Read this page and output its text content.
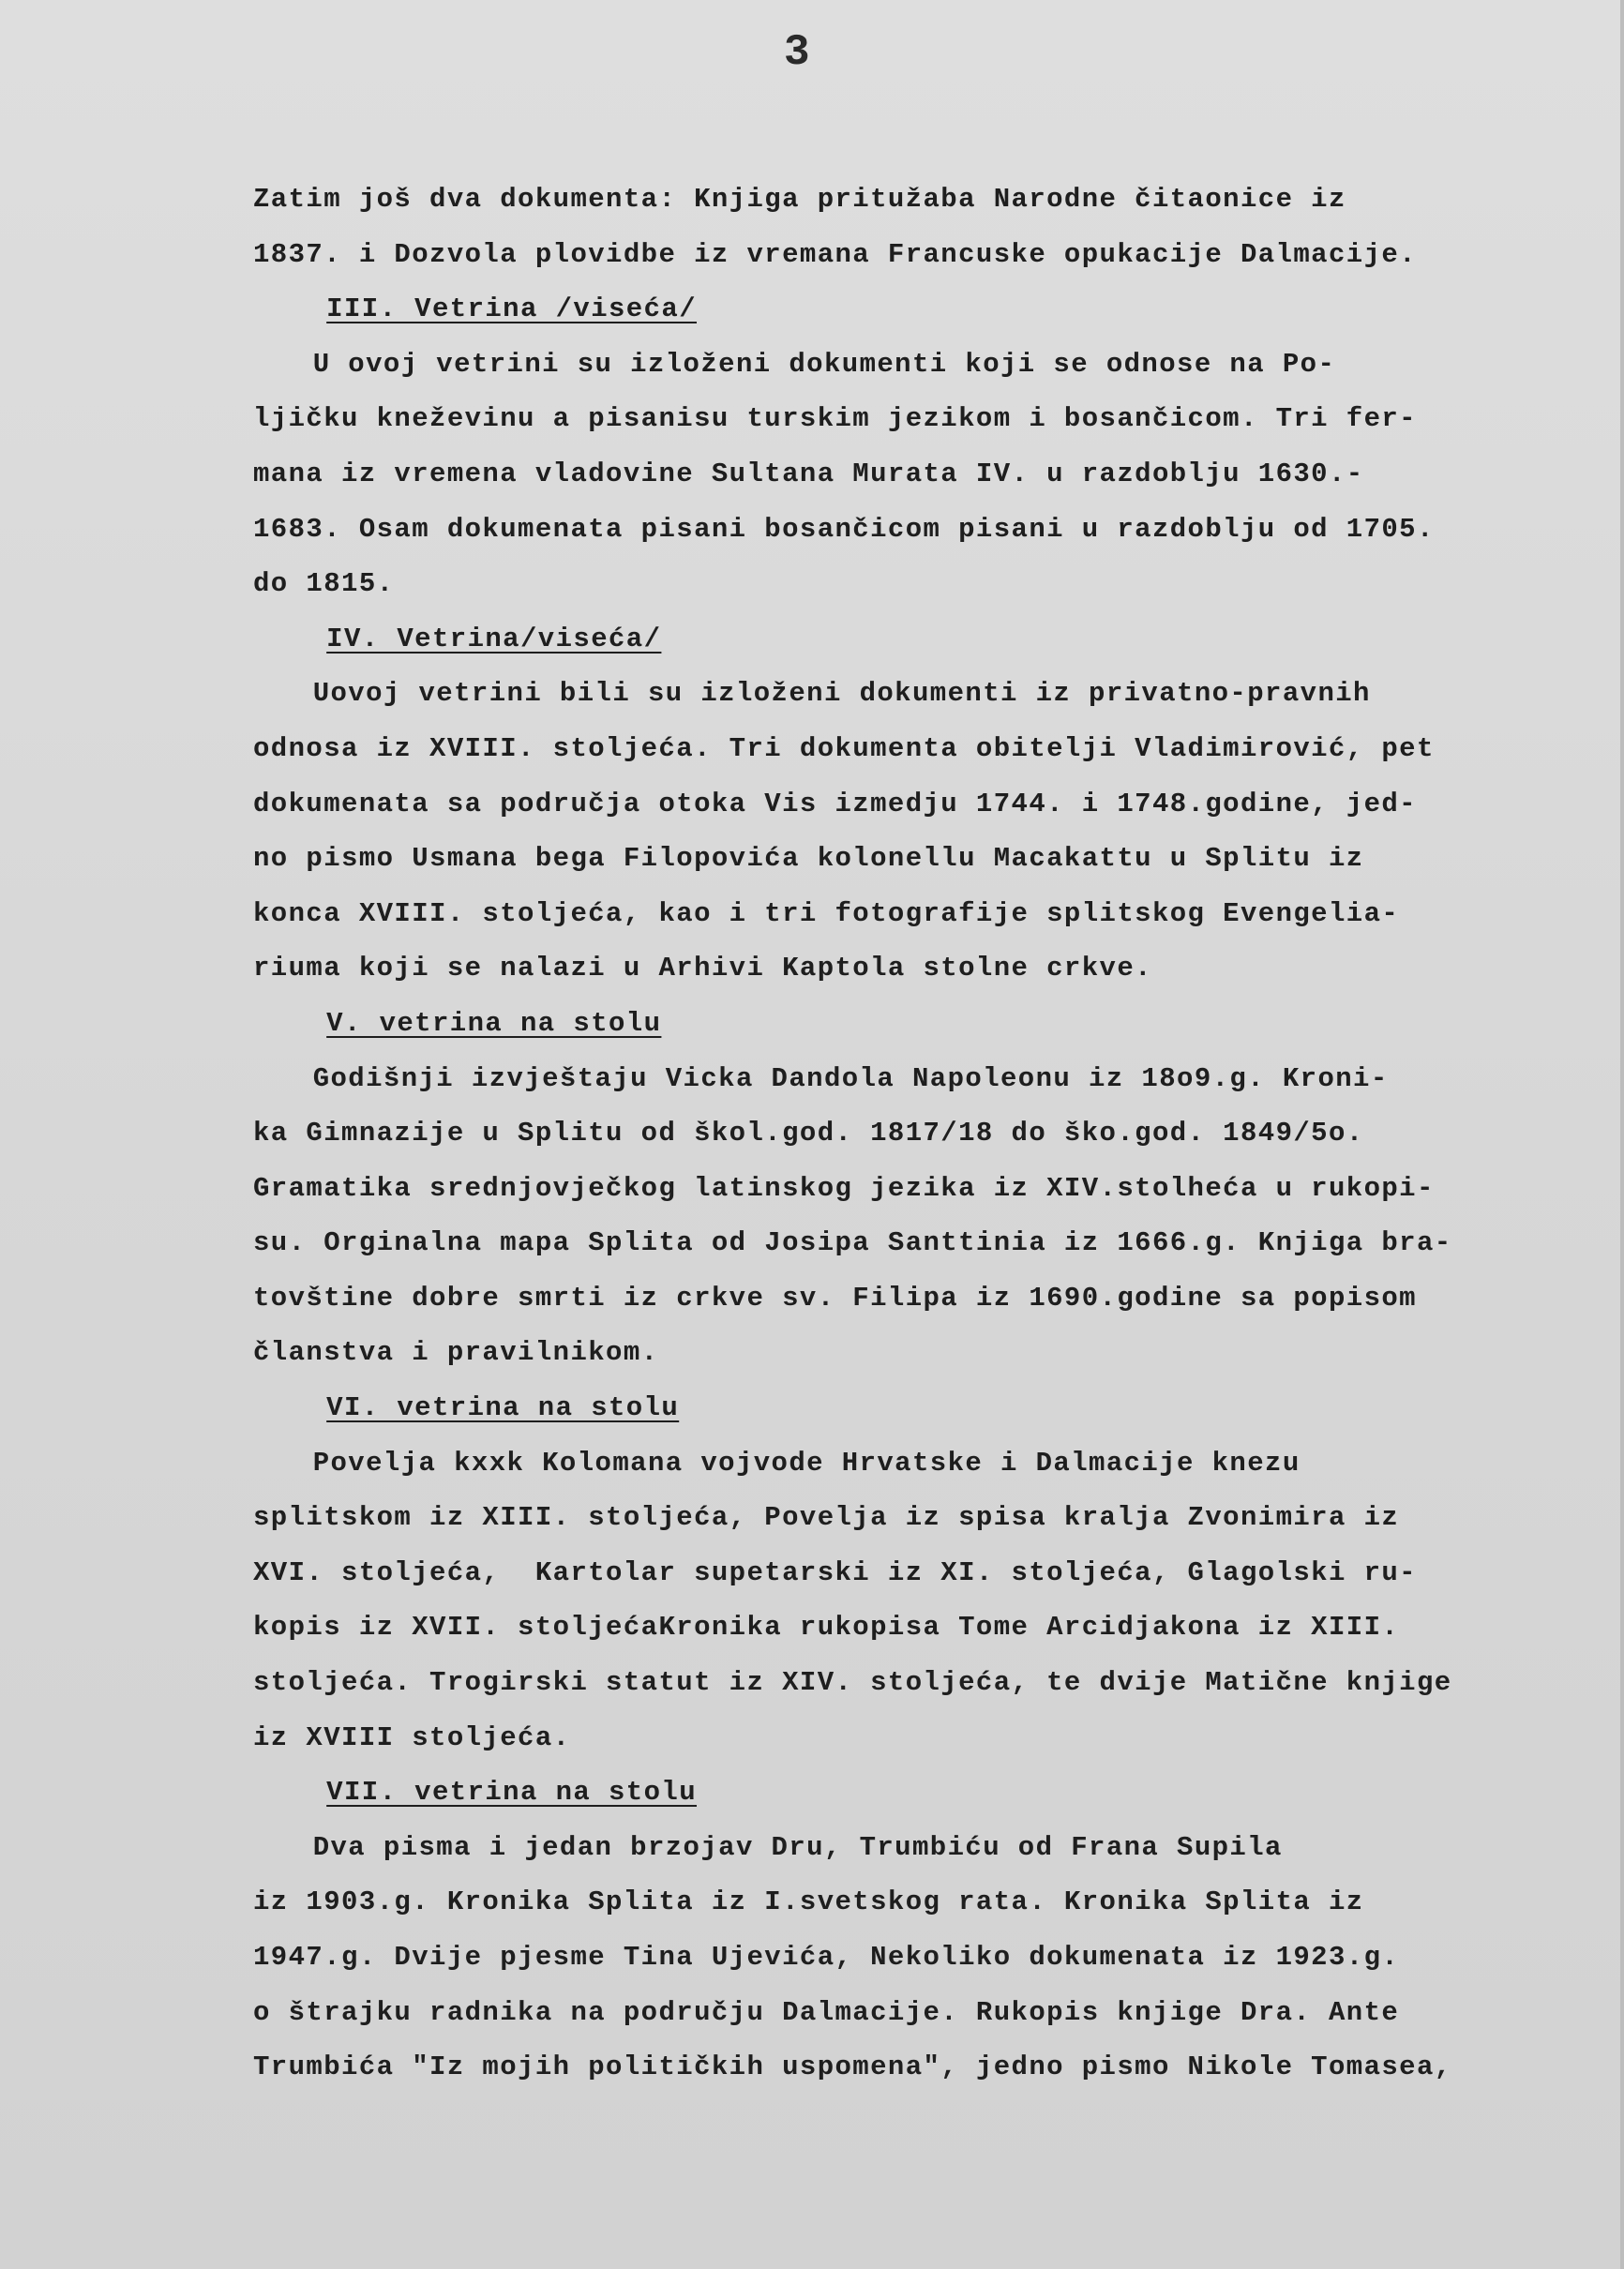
3
Zatim još dva dokumenta: Knjiga pritužaba Narodne čitaonice iz
1837. i Dozvola plovidbe iz vremana Francuske opukacije Dalmacije.
III. Vetrina /viseća/
U ovoj vetrini su izloženi dokumenti koji se odnose na Po-
ljičku kneževinu a pisanisu turskim jezikom i bosančicom. Tri fer-
mana iz vremena vladovine Sultana Murata IV. u razdoblju 1630.-
1683. Osam dokumenata pisani bosančicom pisani u razdoblju od 1705.
do 1815.
IV. Vetrina/viseća/
Uovoj vetrini bili su izloženi dokumenti iz privatno-pravnih
odnosa iz XVIII. stoljeća. Tri dokumenta obitelji Vladimirović, pet
dokumenata sa područja otoka Vis izmedju 1744. i 1748.godine, jed-
no pismo Usmana bega Filopovića kolonellu Macakattu u Splitu iz
konca XVIII. stoljeća, kao i tri fotografije splitskog Evengelia-
riuma koji se nalazi u Arhivi Kaptola stolne crkve.
V. vetrina na stolu
Godišnji izvještaju Vicka Dandola Napoleonu iz 18o9.g. Kroni-
ka Gimnazije u Splitu od škol.god. 1817/18 do ško.god. 1849/5o.
Gramatika srednjovječkog latinskog jezika iz XIV.stolheća u rukopi-
su. Orginalna mapa Splita od Josipa Santtinia iz 1666.g. Knjiga bra-
tovštine dobre smrti iz crkve sv. Filipa iz 1690.godine sa popisom
članstva i pravilnikom.
VI. vetrina na stolu
Povelja kxxk Kolomana vojvode Hrvatske i Dalmacije knezu
splitskom iz XIII. stoljeća, Povelja iz spisa kralja Zvonimira iz
XVI. stoljeća,  Kartolar supetarski iz XI. stoljeća, Glagolski ru-
kopis iz XVII. stoljećaKronika rukopisa Tome Arcidjakona iz XIII.
stoljeća. Trogirski statut iz XIV. stoljeća, te dvije Matične knjige
iz XVIII stoljeća.
VII. vetrina na stolu
Dva pisma i jedan brzojav Dru, Trumbiću od Frana Supila
iz 1903.g. Kronika Splita iz I.svetskog rata. Kronika Splita iz
1947.g. Dvije pjesme Tina Ujevića, Nekoliko dokumenata iz 1923.g.
o štrajku radnika na području Dalmacije. Rukopis knjige Dra. Ante
Trumbića "Iz mojih političkih uspomena", jedno pismo Nikole Tomasea,
